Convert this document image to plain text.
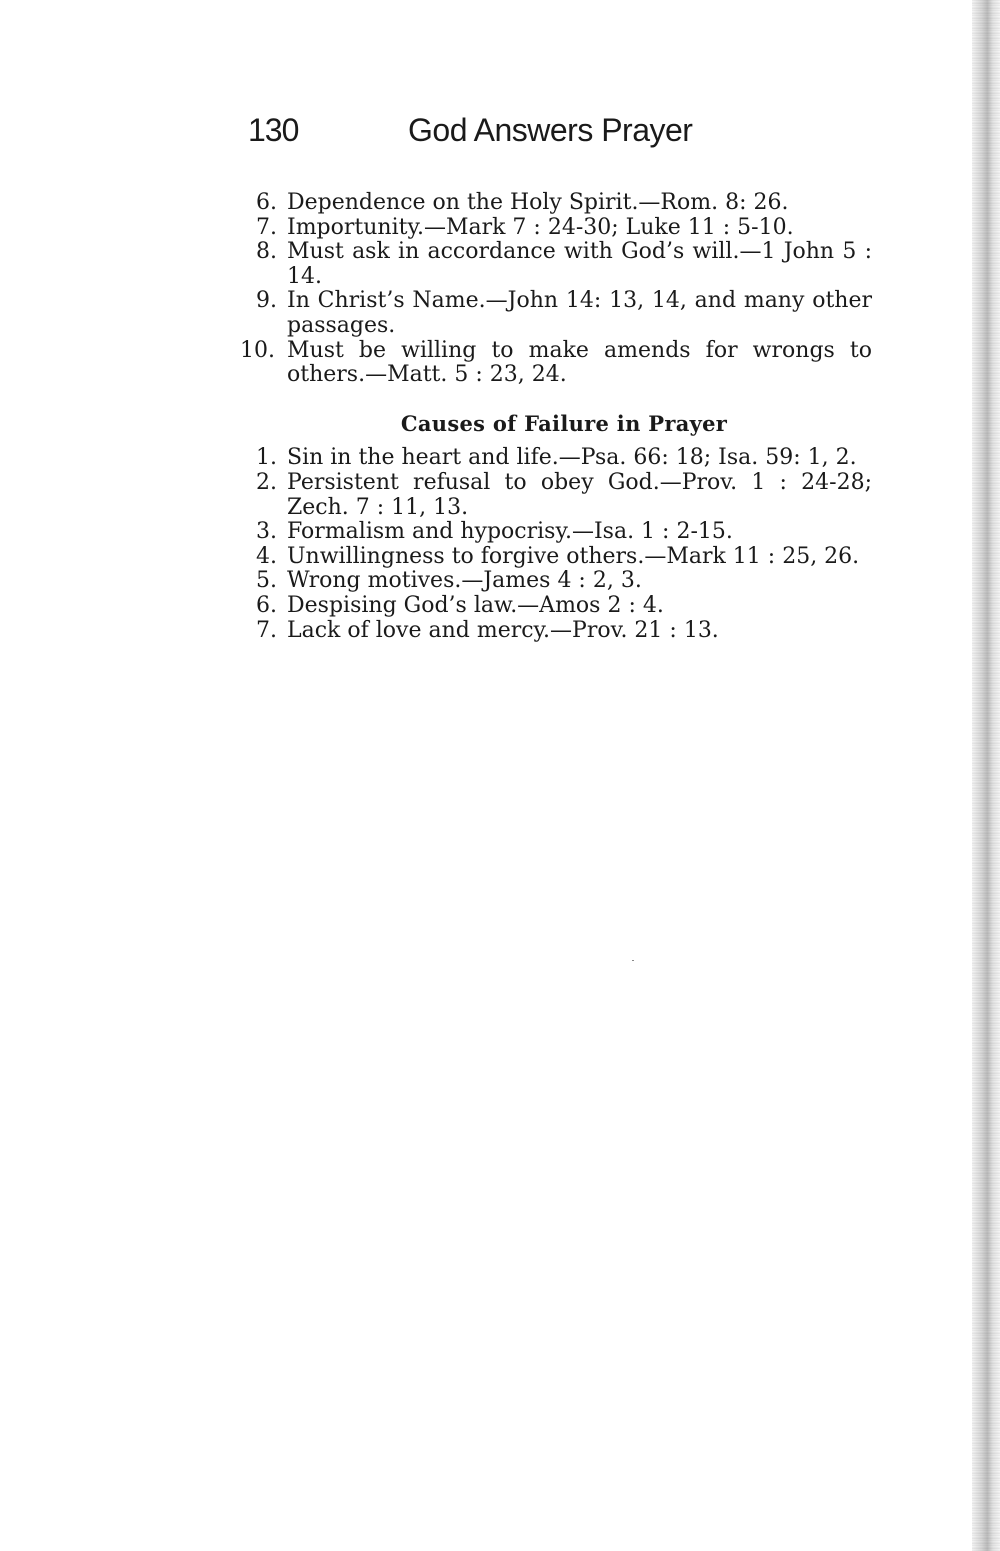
130	God Answers Prayer
6. Dependence on the Holy Spirit.—Rom. 8: 26.
7. Importunity.—Mark 7 : 24-30; Luke 11 : 5-10.
8. Must ask in accordance with God’s will.—1 John 5 : 14.
9. In Christ’s Name.—John 14: 13, 14, and many other passages.
10. Must be willing to make amends for wrongs to others.—Matt. 5 : 23, 24.
Causes of Failure in Prayer
1. Sin in the heart and life.—Psa. 66: 18; Isa. 59: 1, 2.
2. Persistent refusal to obey God.—Prov. 1 : 24-28; Zech. 7 : 11, 13.
3. Formalism and hypocrisy.—Isa. 1 : 2-15.
4. Unwillingness to forgive others.—Mark 11 : 25, 26.
5. Wrong motives.—James 4 : 2, 3.
6. Despising God’s law.—Amos 2 : 4.
7. Lack of love and mercy.—Prov. 21 : 13.
